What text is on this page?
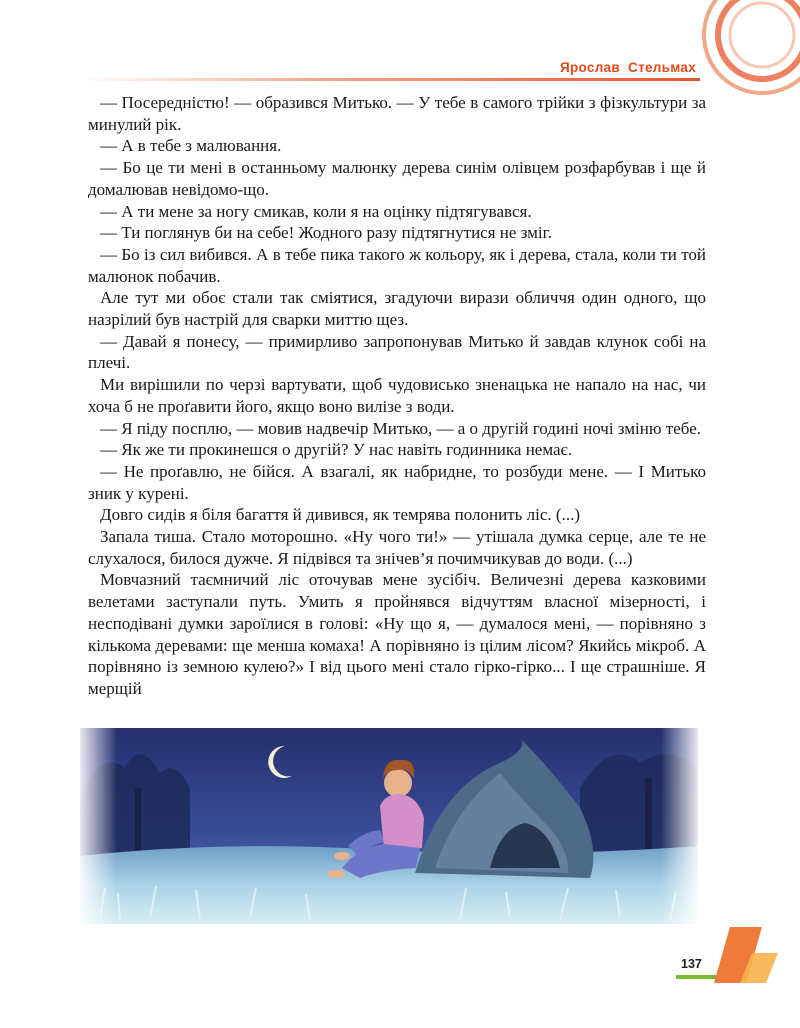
Ярослав Стельмах

— Посередністю! — образився Митько. — У тебе в самого трійки з фізкультури за минулий рік.

— А в тебе з малювання.

— Бо це ти мені в останньому малюнку дерева синім олівцем розфарбував і ще й домалював невідомо-що.

— А ти мене за ногу смикав, коли я на оцінку підтягувався.

— Ти поглянув би на себе! Жодного разу підтягнутися не зміг.

— Бо із сил вибився. А в тебе пика такого ж кольору, як і дерева, стала, коли ти той малюнок побачив.

Але тут ми обоє стали так сміятися, згадуючи вирази обличчя один одного, що назрілий був настрій для сварки миттю щез.

— Давай я понесу, — примирливо запропонував Митько й завдав клунок собі на плечі.

Ми вирішили по черзі вартувати, щоб чудовисько зненацька не напало на нас, чи хоча б не проґавити його, якщо воно вилізе з води.

— Я піду посплю, — мовив надвечір Митько, — а о другій годині ночі зміню тебе.

— Як же ти прокинешся о другій? У нас навіть годинника немає.

— Не проґавлю, не бійся. А взагалі, як набридне, то розбуди мене. — І Митько зник у курені.

Довго сидів я біля багаття й дивився, як темрява полонить ліс. (...)

Запала тиша. Стало моторошно. «Ну чого ти!» — утішала думка серце, але те не слухалося, билося дужче. Я підвівся та знічев’я почимчикував до води. (...)

Мовчазний таємничий ліс оточував мене зусібіч. Величезні дерева казковими велетами заступали путь. Умить я пройнявся відчуттям власної мізерності, і несподівані думки зароїлися в голові: «Ну що я, — думалося мені, — порівняно з кількома деревами: ще менша комаха! А порівняно із цілим лісом? Якийсь мікроб. А порівняно із земною кулею?» І від цього мені стало гірко-гірко... І ще страшніше. Я мерщій

137
